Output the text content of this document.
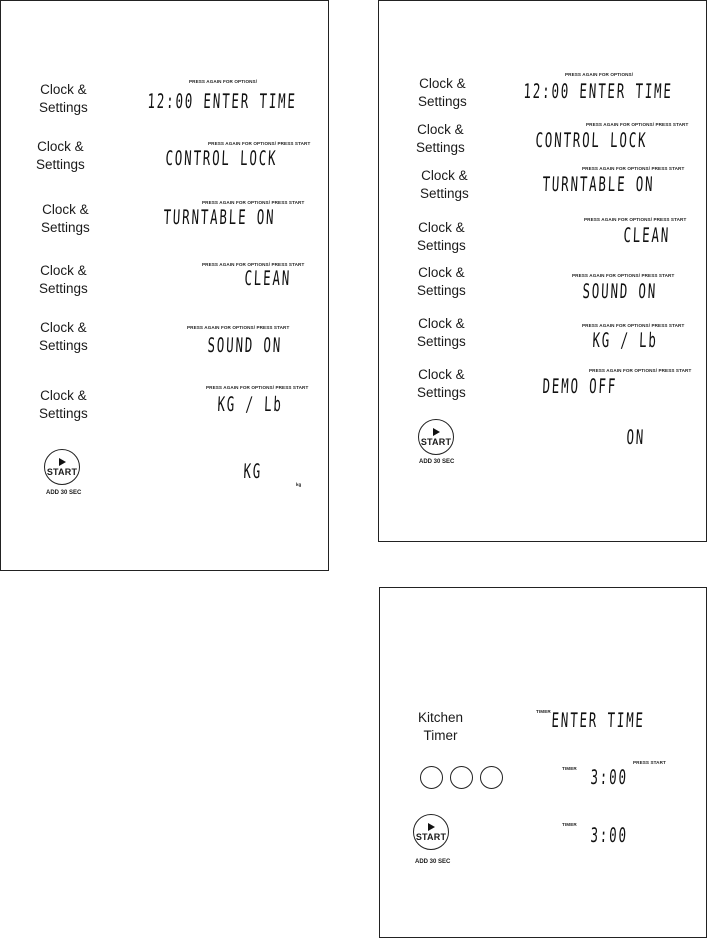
Clock &
Settings
PRESS AGAIN FOR OPTIONS/
12:00 ENTER TIME
Clock &
Settings
PRESS AGAIN FOR OPTIONS/ PRESS START
CONTROL LOCK
Clock &
Settings
PRESS AGAIN FOR OPTIONS/ PRESS START
TURNTABLE ON
Clock &
Settings
PRESS AGAIN FOR OPTIONS/ PRESS START
CLEAN
Clock &
Settings
PRESS AGAIN FOR OPTIONS/ PRESS START
SOUND ON
Clock &
Settings
PRESS AGAIN FOR OPTIONS/ PRESS START
KG / Lb
START
ADD 30 SEC
KG
kg
Clock &
Settings
PRESS AGAIN FOR OPTIONS/
12:00 ENTER TIME
Clock &
Settings
PRESS AGAIN FOR OPTIONS/ PRESS START
CONTROL LOCK
Clock &
Settings
PRESS AGAIN FOR OPTIONS/ PRESS START
TURNTABLE ON
Clock &
Settings
PRESS AGAIN FOR OPTIONS/ PRESS START
CLEAN
Clock &
Settings
PRESS AGAIN FOR OPTIONS/ PRESS START
SOUND ON
Clock &
Settings
PRESS AGAIN FOR OPTIONS/ PRESS START
KG / Lb
Clock &
Settings
PRESS AGAIN FOR OPTIONS/ PRESS START
DEMO OFF
START
ADD 30 SEC
ON
Kitchen
Timer
TIMER ENTER TIME
TIMER
PRESS START
3:00
START
ADD 30 SEC
TIMER 3:00
